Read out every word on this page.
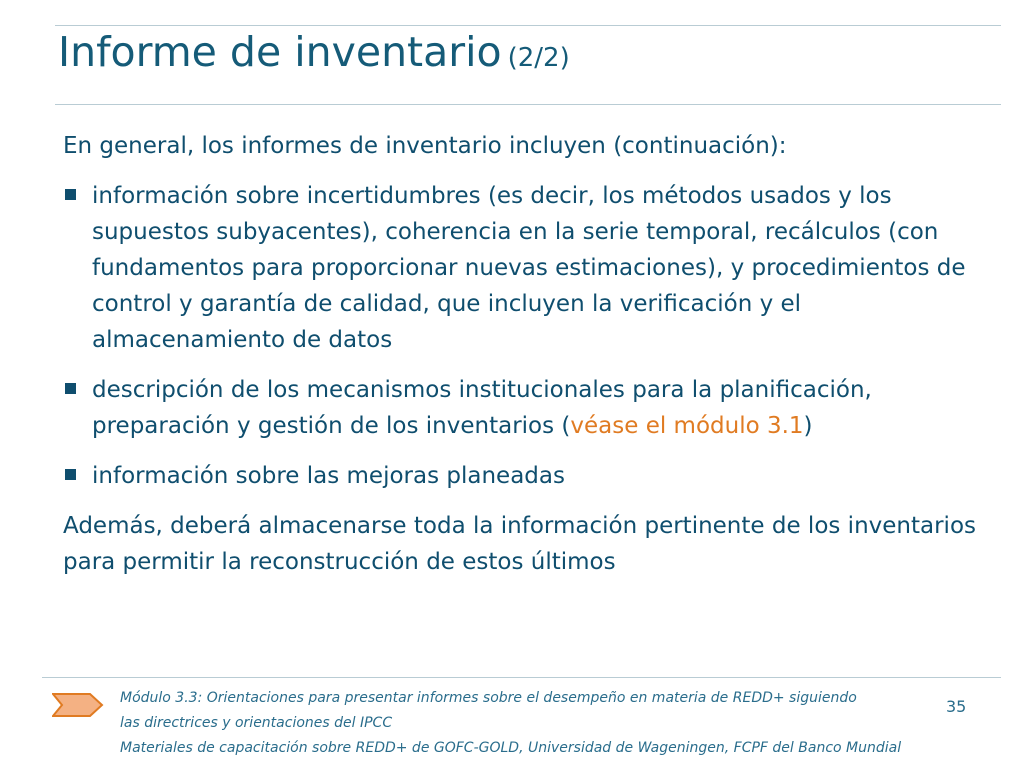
Informe de inventario (2/2)

En general, los informes de inventario incluyen (continuación):

información sobre incertidumbres (es decir, los métodos usados y los supuestos subyacentes), coherencia en la serie temporal, recálculos (con fundamentos para proporcionar nuevas estimaciones), y procedimientos de control y garantía de calidad, que incluyen la verificación y el almacenamiento de datos
descripción de los mecanismos institucionales para la planificación, preparación y gestión de los inventarios (véase el módulo 3.1)
información sobre las mejoras planeadas

Además, deberá almacenarse toda la información pertinente de los inventarios para permitir la reconstrucción de estos últimos

Módulo 3.3: Orientaciones para presentar informes sobre el desempeño en materia de REDD+ siguiendo
las directrices y orientaciones del IPCC
Materiales de capacitación sobre REDD+ de GOFC-GOLD, Universidad de Wageningen, FCPF del Banco Mundial
35
